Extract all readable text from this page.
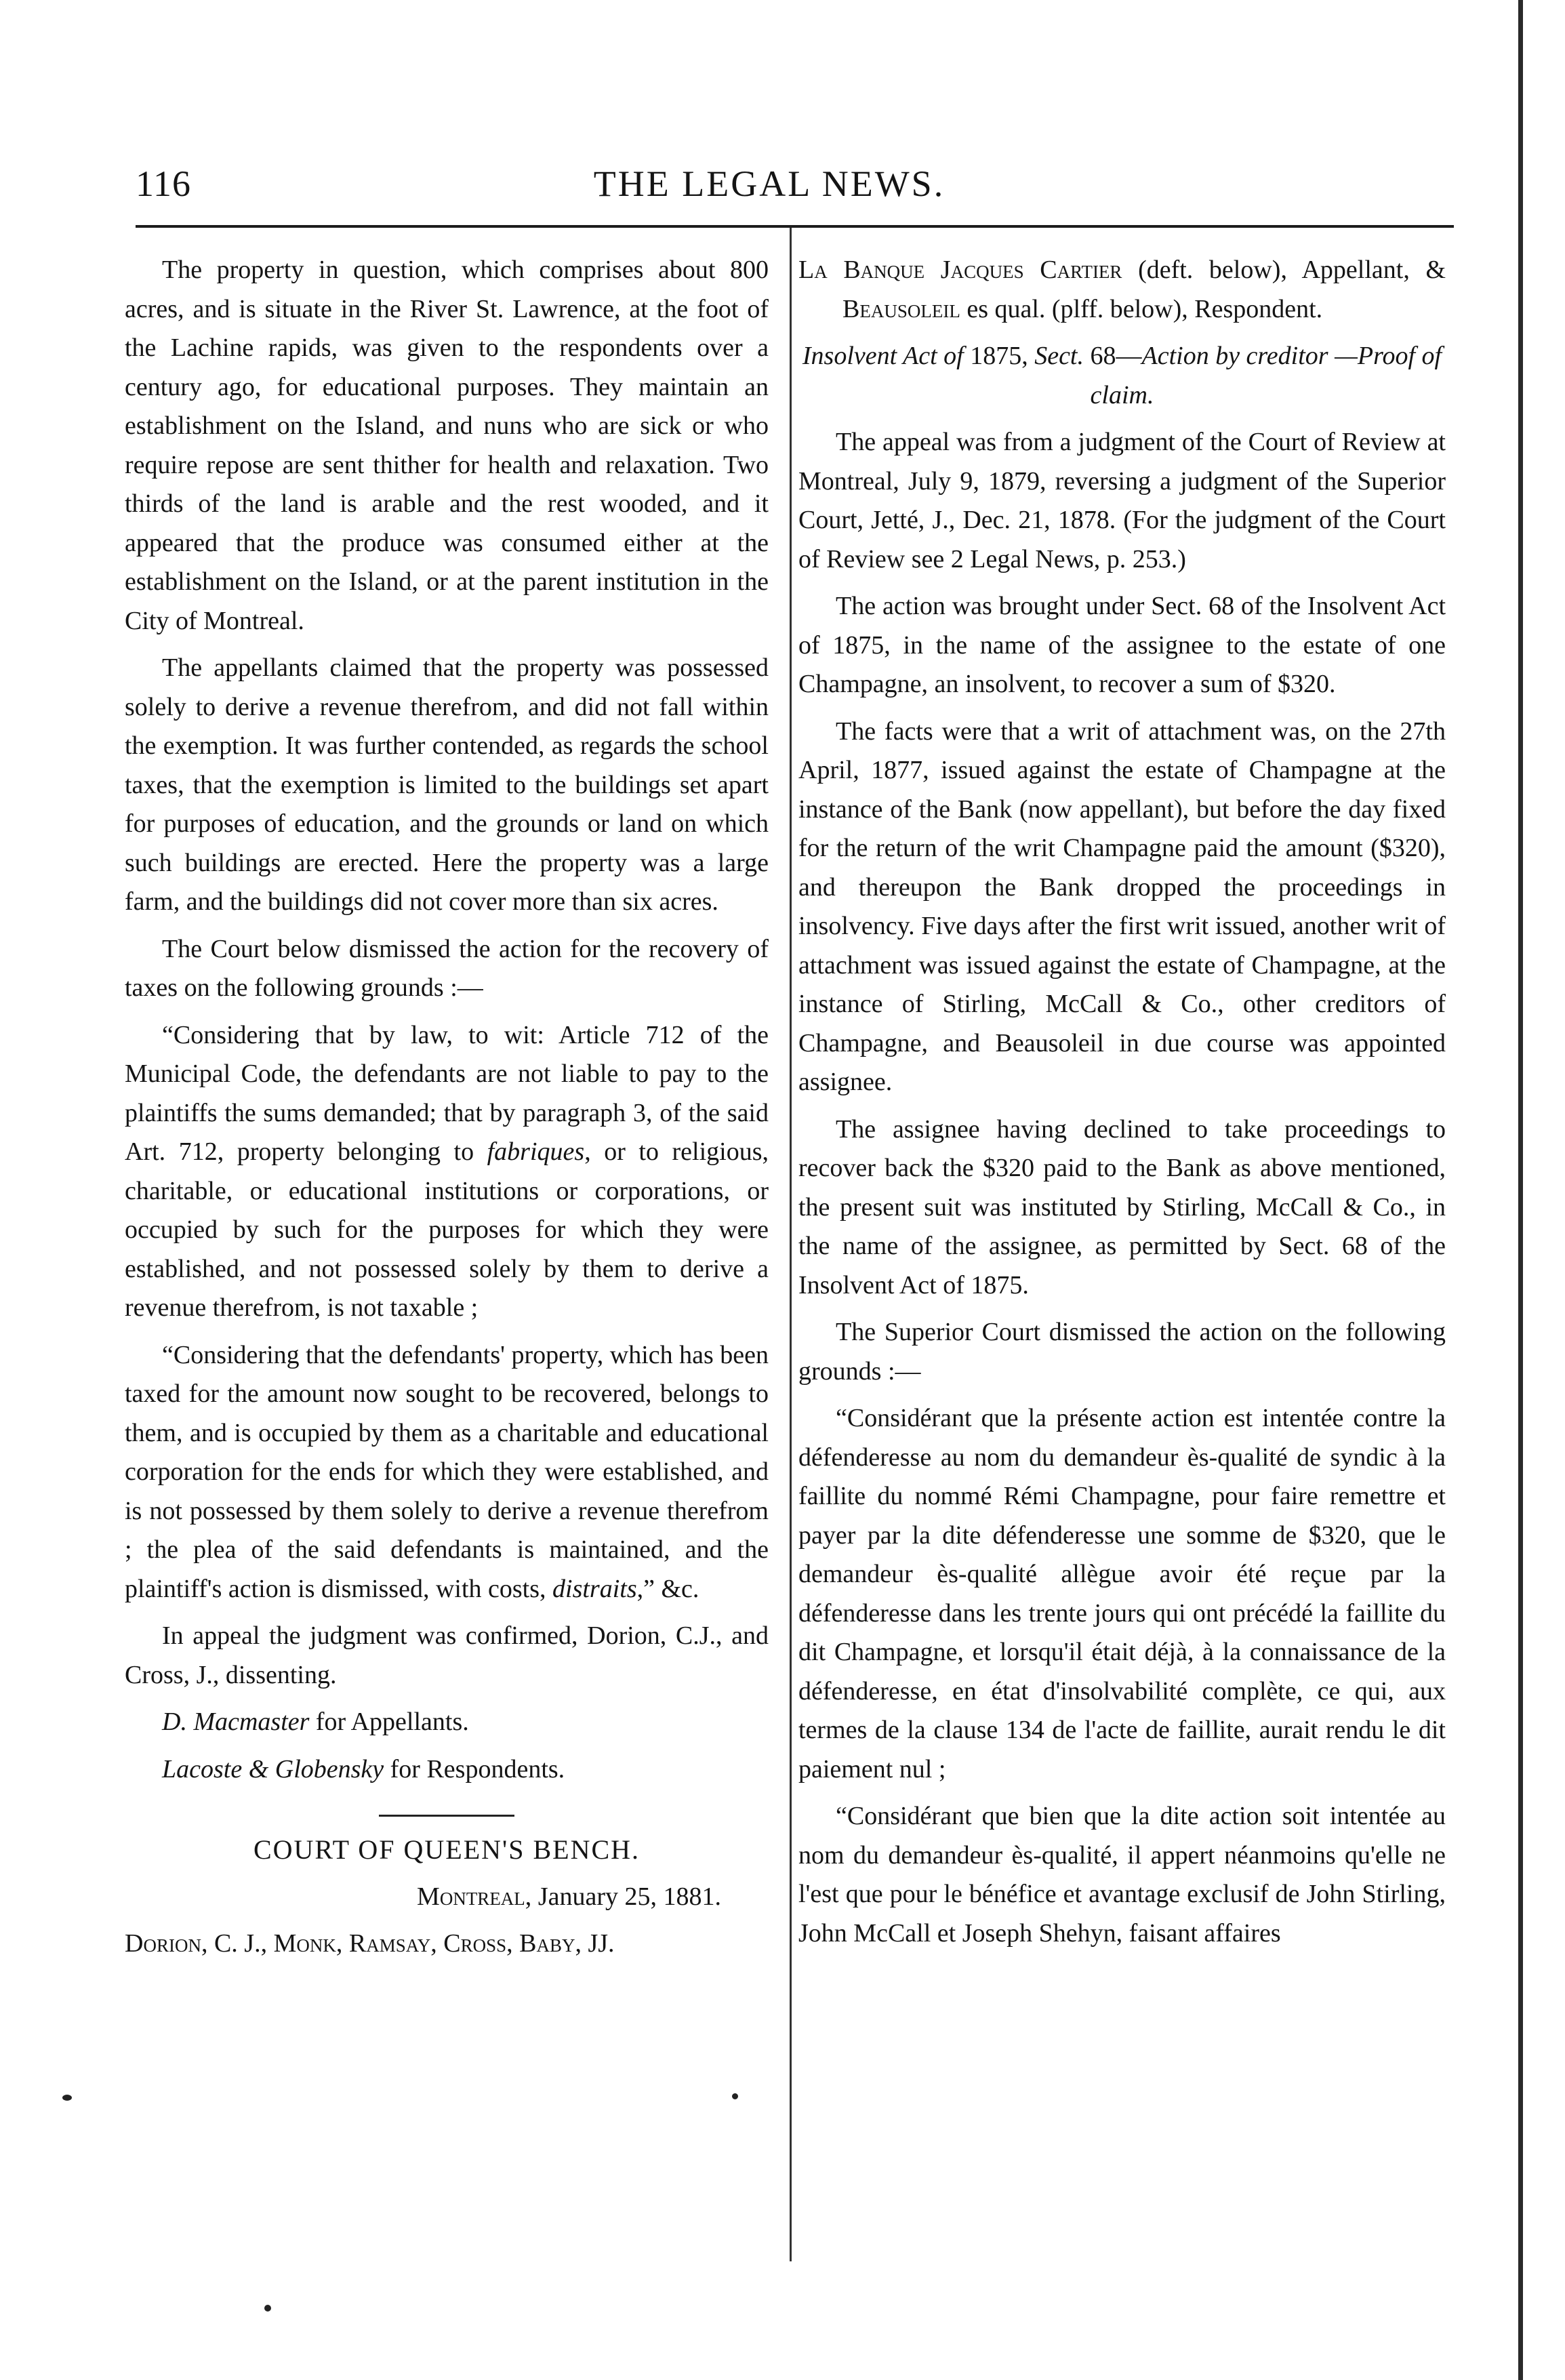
116	THE LEGAL NEWS.

The property in question, which comprises about 800 acres, and is situate in the River St. Lawrence, at the foot of the Lachine rapids, was given to the respondents over a century ago, for educational purposes. They maintain an establishment on the Island, and nuns who are sick or who require repose are sent thither for health and relaxation. Two thirds of the land is arable and the rest wooded, and it appeared that the produce was consumed either at the establishment on the Island, or at the parent institution in the City of Montreal.

The appellants claimed that the property was possessed solely to derive a revenue therefrom, and did not fall within the exemption. It was further contended, as regards the school taxes, that the exemption is limited to the buildings set apart for purposes of education, and the grounds or land on which such buildings are erected. Here the property was a large farm, and the buildings did not cover more than six acres.

The Court below dismissed the action for the recovery of taxes on the following grounds :—

“Considering that by law, to wit: Article 712 of the Municipal Code, the defendants are not liable to pay to the plaintiffs the sums demanded; that by paragraph 3, of the said Art. 712, property belonging to fabriques, or to religious, charitable, or educational institutions or corporations, or occupied by such for the purposes for which they were established, and not possessed solely by them to derive a revenue therefrom, is not taxable ;

“Considering that the defendants' property, which has been taxed for the amount now sought to be recovered, belongs to them, and is occupied by them as a charitable and educational corporation for the ends for which they were established, and is not possessed by them solely to derive a revenue therefrom ; the plea of the said defendants is maintained, and the plaintiff's action is dismissed, with costs, distraits,” &c.

In appeal the judgment was confirmed, Dorion, C.J., and Cross, J., dissenting.

D. Macmaster for Appellants.

Lacoste & Globensky for Respondents.

COURT OF QUEEN'S BENCH.

Montreal, January 25, 1881.

Dorion, C. J., Monk, Ramsay, Cross, Baby, JJ.

La Banque Jacques Cartier (deft. below), Appellant, & Beausoleil es qual. (plff. below), Respondent.

Insolvent Act of 1875, Sect. 68—Action by creditor —Proof of claim.

The appeal was from a judgment of the Court of Review at Montreal, July 9, 1879, reversing a judgment of the Superior Court, Jetté, J., Dec. 21, 1878. (For the judgment of the Court of Review see 2 Legal News, p. 253.)

The action was brought under Sect. 68 of the Insolvent Act of 1875, in the name of the assignee to the estate of one Champagne, an insolvent, to recover a sum of $320.

The facts were that a writ of attachment was, on the 27th April, 1877, issued against the estate of Champagne at the instance of the Bank (now appellant), but before the day fixed for the return of the writ Champagne paid the amount ($320), and thereupon the Bank dropped the proceedings in insolvency. Five days after the first writ issued, another writ of attachment was issued against the estate of Champagne, at the instance of Stirling, McCall & Co., other creditors of Champagne, and Beausoleil in due course was appointed assignee.

The assignee having declined to take proceedings to recover back the $320 paid to the Bank as above mentioned, the present suit was instituted by Stirling, McCall & Co., in the name of the assignee, as permitted by Sect. 68 of the Insolvent Act of 1875.

The Superior Court dismissed the action on the following grounds :—

“Considérant que la présente action est intentée contre la défenderesse au nom du demandeur ès-qualité de syndic à la faillite du nommé Rémi Champagne, pour faire remettre et payer par la dite défenderesse une somme de $320, que le demandeur ès-qualité allègue avoir été reçue par la défenderesse dans les trente jours qui ont précédé la faillite du dit Champagne, et lorsqu'il était déjà, à la connaissance de la défenderesse, en état d'insolvabilité complète, ce qui, aux termes de la clause 134 de l'acte de faillite, aurait rendu le dit paiement nul ;

“Considérant que bien que la dite action soit intentée au nom du demandeur ès-qualité, il appert néanmoins qu'elle ne l'est que pour le bénéfice et avantage exclusif de John Stirling, John McCall et Joseph Shehyn, faisant affaires
